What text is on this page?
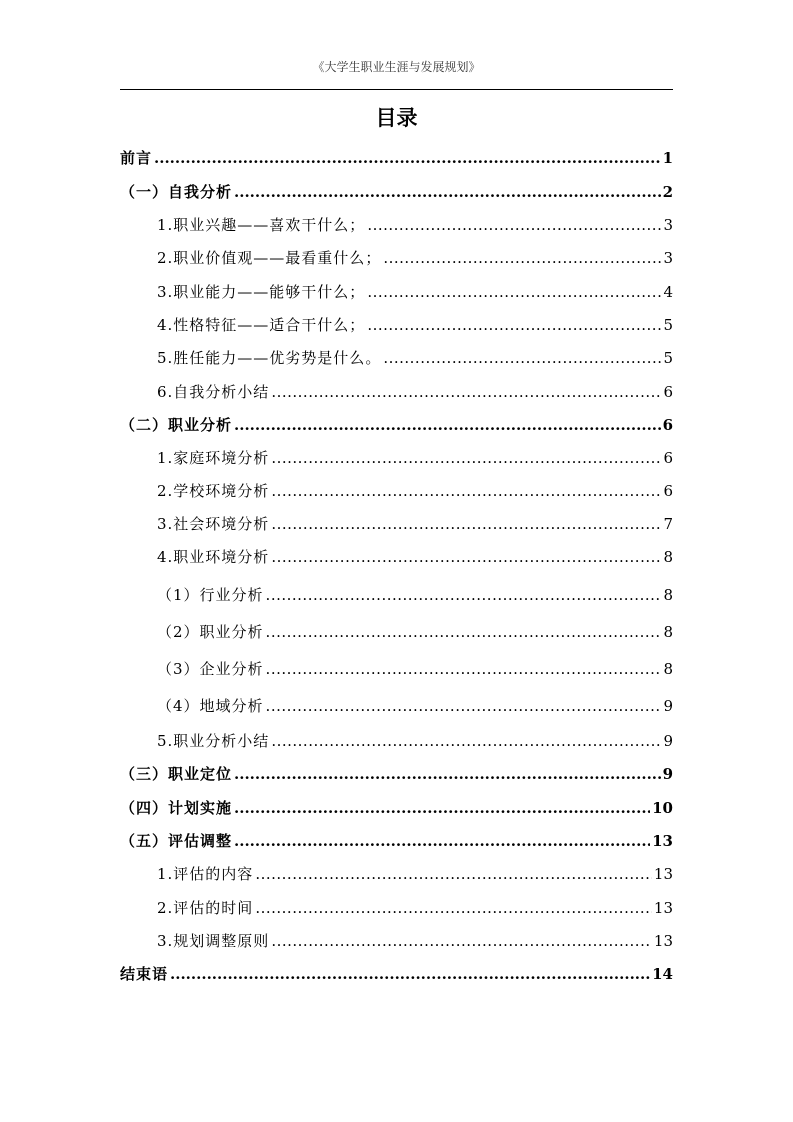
《大学生职业生涯与发展规划》
目录
前言 .....	1
（一）自我分析 .....	2
1.职业兴趣——喜欢干什么； .....	3
2.职业价值观——最看重什么； .....	3
3.职业能力——能够干什么； .....	4
4.性格特征——适合干什么； .....	5
5.胜任能力——优劣势是什么。 .....	5
6.自我分析小结 .....	6
（二）职业分析 .....	6
1.家庭环境分析 .....	6
2.学校环境分析 .....	6
3.社会环境分析 .....	7
4.职业环境分析 .....	8
（1）行业分析 .....	8
（2）职业分析 .....	8
（3）企业分析 .....	8
（4）地域分析 .....	9
5.职业分析小结 .....	9
（三）职业定位 .....	9
（四）计划实施 .....	10
（五）评估调整 .....	13
1.评估的内容 .....	13
2.评估的时间 .....	13
3.规划调整原则 .....	13
结束语 .....	14
